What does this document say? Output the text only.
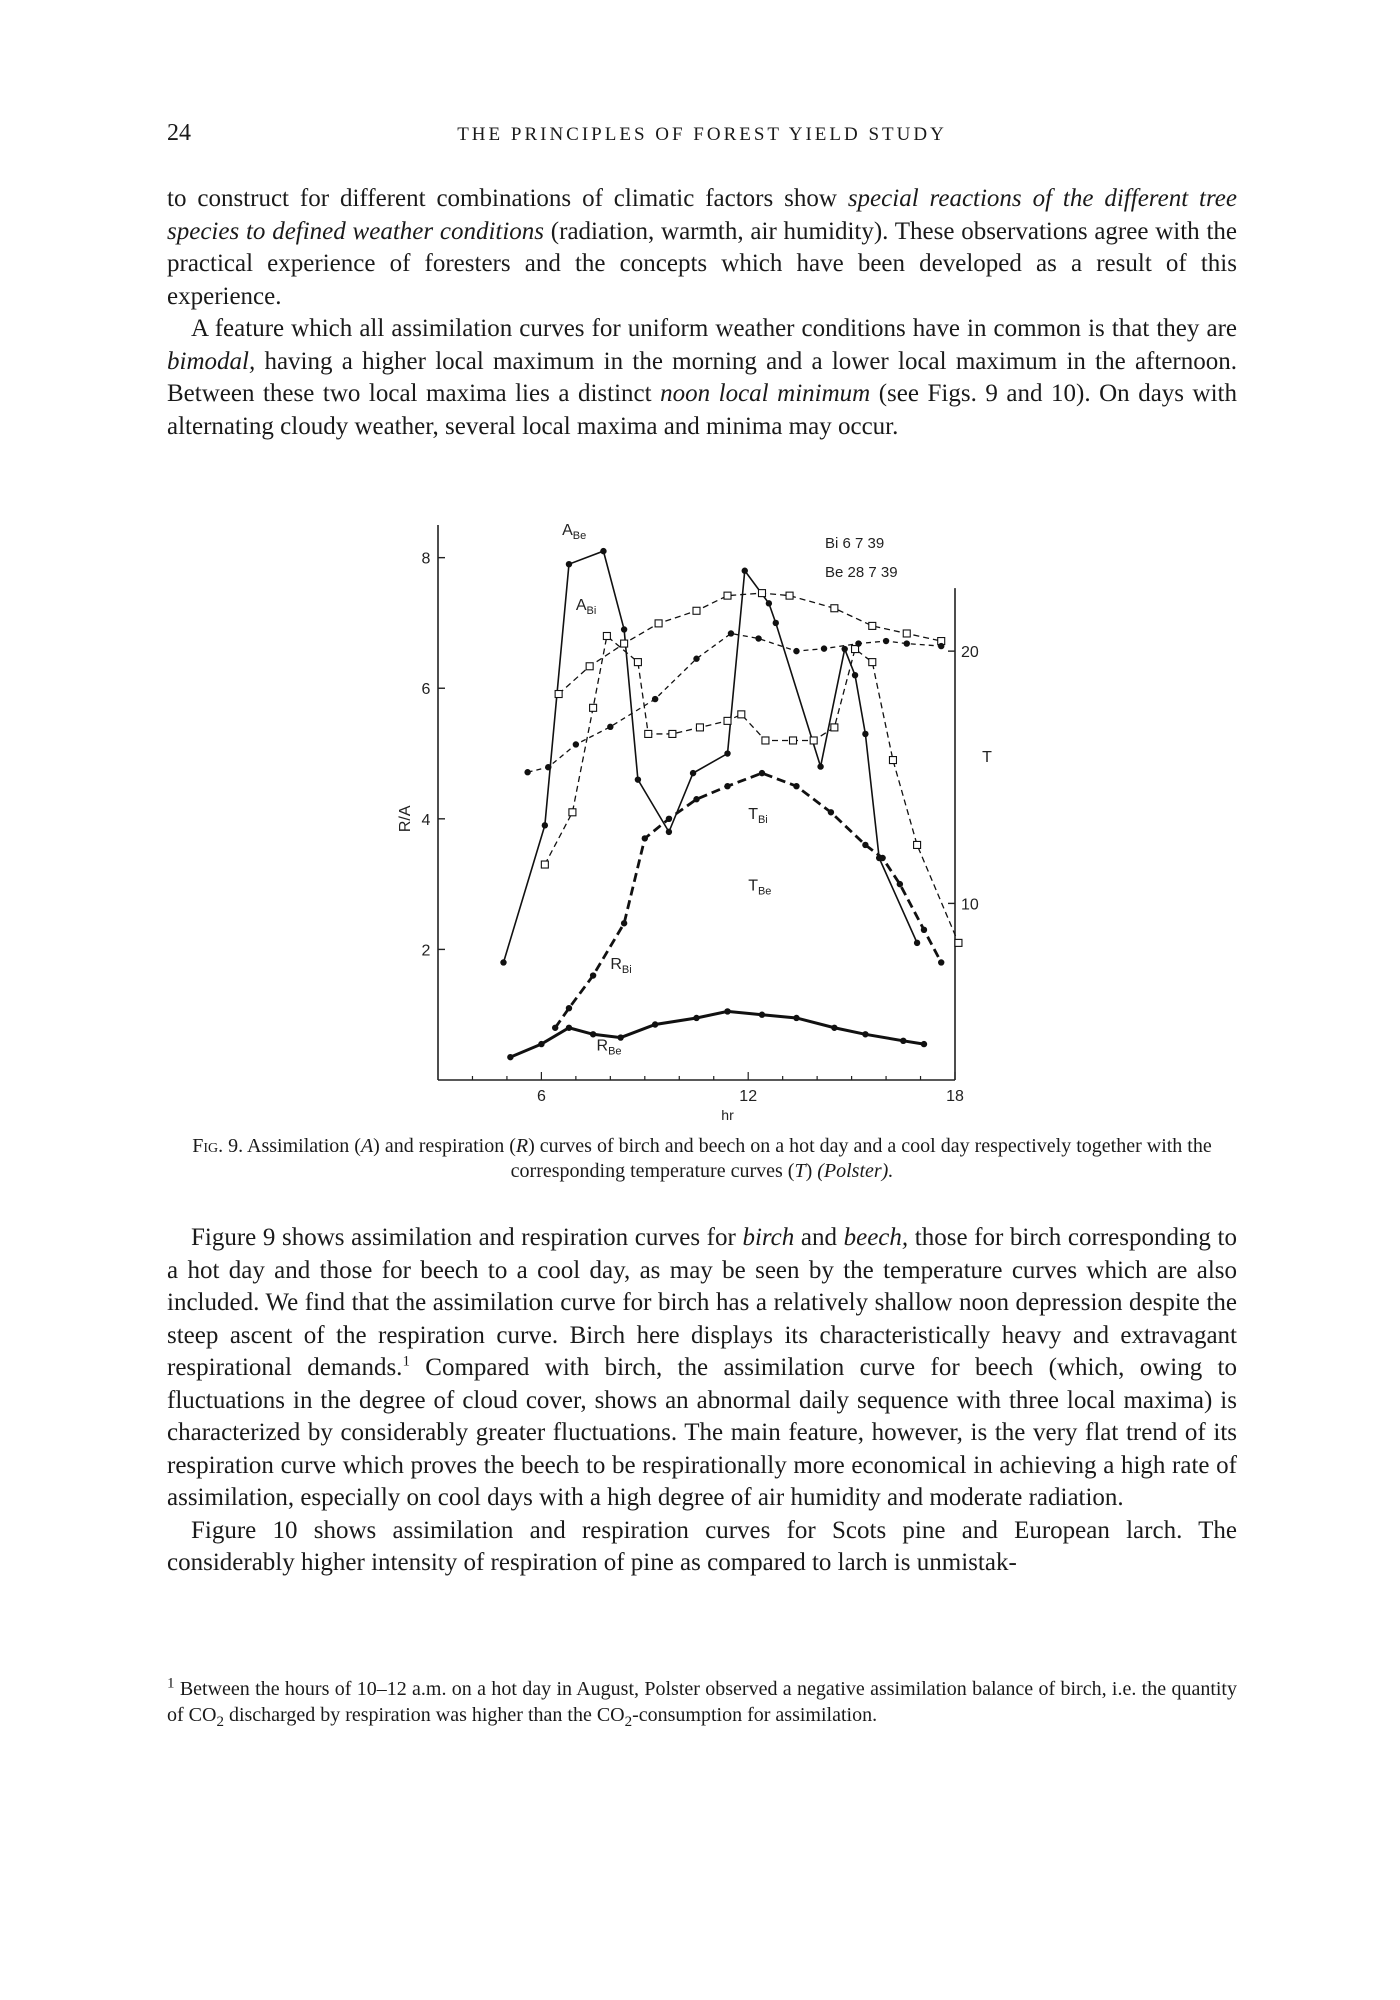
24	THE PRINCIPLES OF FOREST YIELD STUDY

to construct for different combinations of climatic factors show special reactions of the different tree species to defined weather conditions (radiation, warmth, air humidity). These observations agree with the practical experience of foresters and the concepts which have been developed as a result of this experience.

A feature which all assimilation curves for uniform weather conditions have in common is that they are bimodal, having a higher local maximum in the morning and a lower local maximum in the afternoon. Between these two local maxima lies a distinct noon local minimum (see Figs. 9 and 10). On days with alternating cloudy weather, several local maxima and minima may occur.

2
4
6
8
10
20
6	12	18
hr
R/A
T
Bi 6 7 39
Be 28 7 39
$A_{Be}$
$A_{Bi}$
$T_{Bi}$
$T_{Be}$
$R_{Bi}$
$R_{Be}$
Fig. 9. Assimilation (A) and respiration (R) curves of birch and beech on a hot day and a cool day respectively together with the corresponding temperature curves (T) (Polster).

Figure 9 shows assimilation and respiration curves for birch and beech, those for birch corresponding to a hot day and those for beech to a cool day, as may be seen by the temperature curves which are also included. We find that the assimilation curve for birch has a relatively shallow noon depression despite the steep ascent of the respiration curve. Birch here displays its characteristically heavy and extravagant respirational demands.$^1$ Compared with birch, the assimilation curve for beech (which, owing to fluctuations in the degree of cloud cover, shows an abnormal daily sequence with three local maxima) is characterized by considerably greater fluctuations. The main feature, however, is the very flat trend of its respiration curve which proves the beech to be respirationally more economical in achieving a high rate of assimilation, especially on cool days with a high degree of air humidity and moderate radiation.

Figure 10 shows assimilation and respiration curves for Scots pine and European larch. The considerably higher intensity of respiration of pine as compared to larch is unmistak-

$^1$ Between the hours of 10–12 a.m. on a hot day in August, Polster observed a negative assimilation balance of birch, i.e. the quantity of $CO_2$ discharged by respiration was higher than the $CO_2$-consumption for assimilation.
